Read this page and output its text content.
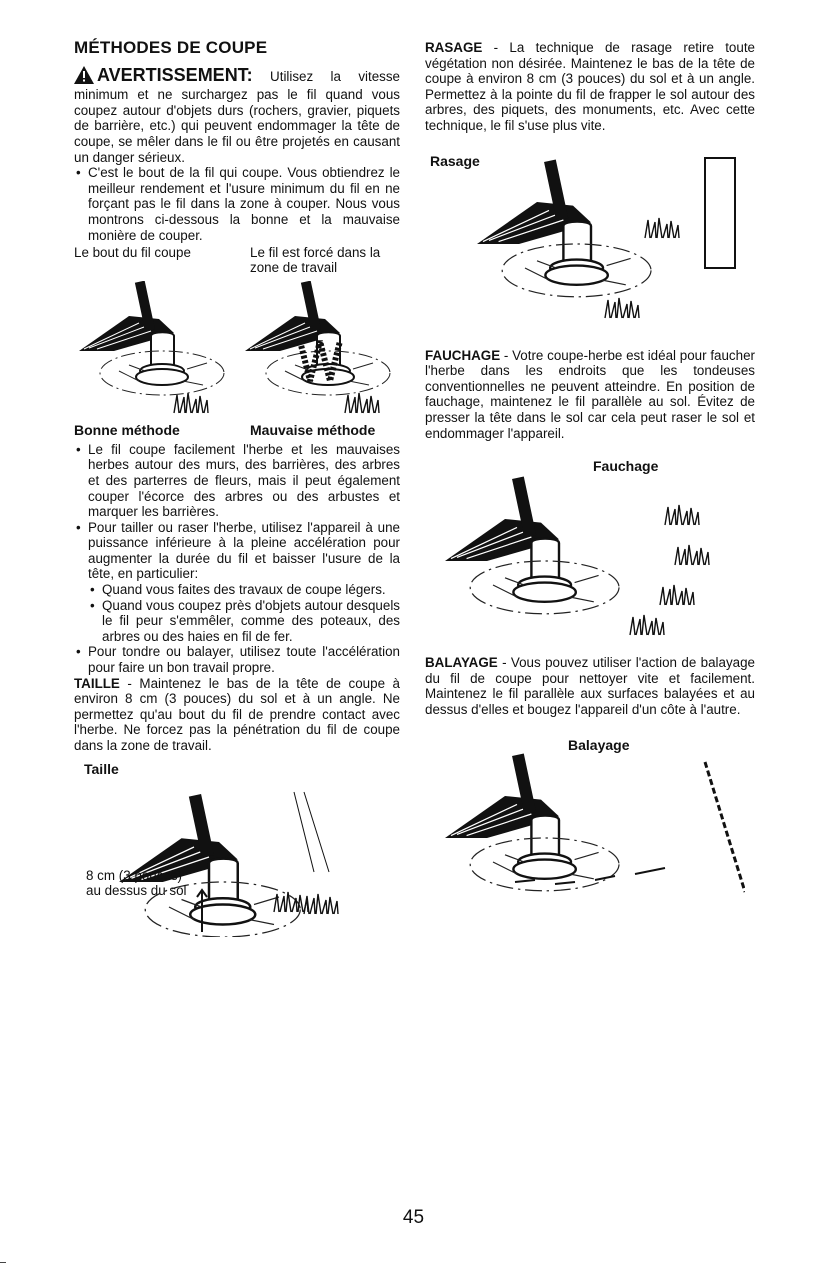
MÉTHODES DE COUPE

AVERTISSEMENT: Utilisez la vitesse minimum et ne surchargez pas le fil quand vous coupez autour d'objets durs (rochers, gravier, piquets de barrière, etc.) qui peuvent endommager la tête de coupe, se mêler dans le fil ou être projetés en causant un danger sérieux.

• C'est le bout de la fil qui coupe. Vous obtiendrez le meilleur rendement et l'usure minimum du fil en ne forçant pas le fil dans la zone à couper. Nous vous montrons ci-dessous la bonne et la mauvaise monière de couper.
Le bout du fil coupe	Le fil est forcé dans la zone de travail
Bonne méthode	Mauvaise méthode
• Le fil coupe facilement l'herbe et les mauvaises herbes autour des murs, des barrières, des arbres et des parterres de fleurs, mais il peut également couper l'écorce des arbres ou des arbustes et marquer les barrières.
• Pour tailler ou raser l'herbe, utilisez l'appareil à une puissance inférieure à la pleine accélération pour augmenter la durée du fil et baisser l'usure de la tête, en particulier:
• Quand vous faites des travaux de coupe légers.
• Quand vous coupez près d'objets autour desquels le fil peur s'emmêler, comme des poteaux, des arbres ou des haies en fil de fer.
• Pour tondre ou balayer, utilisez toute l'accélération pour faire un bon travail propre.

TAILLE - Maintenez le bas de la tête de coupe à environ 8 cm (3 pouces) du sol et à un angle. Ne permettez qu'au bout du fil de prendre contact avec l'herbe. Ne forcez pas la pénétration du fil de coupe dans la zone de travail.

Taille
8 cm (3 pouces) au dessus du sol

RASAGE - La technique de rasage retire toute végétation non désirée. Maintenez le bas de la tête de coupe à environ 8 cm (3 pouces) du sol et à un angle. Permettez à la pointe du fil de frapper le sol autour des arbres, des piquets, des monuments, etc. Avec cette technique, le fil s'use plus vite.

Rasage

FAUCHAGE - Votre coupe-herbe est idéal pour faucher l'herbe dans les endroits que les tondeuses conventionnelles ne peuvent atteindre. En position de fauchage, maintenez le fil parallèle au sol. Évitez de presser la tête dans le sol car cela peut raser le sol et endommager l'appareil.

Fauchage

BALAYAGE - Vous pouvez utiliser l'action de balayage du fil de coupe pour nettoyer vite et facilement. Maintenez le fil parallèle aux surfaces balayées et au dessus d'elles et bougez l'appareil d'un côte à l'autre.

Balayage
45
